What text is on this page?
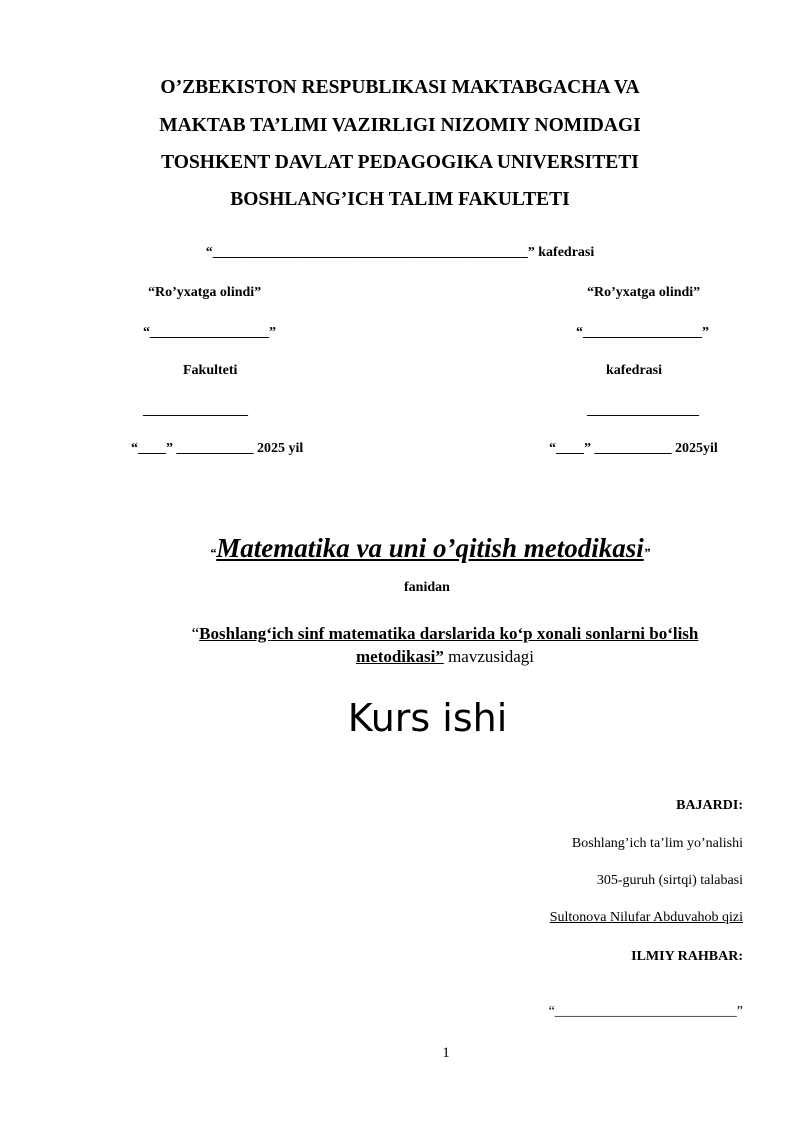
O’ZBEKISTON RESPUBLIKASI MAKTABGACHA VA
MAKTAB TA’LIMI VAZIRLIGI NIZOMIY NOMIDAGI
TOSHKENT DAVLAT PEDAGOGIKA UNIVERSITETI
BOSHLANG’ICH TALIM FAKULTETI
“_____________________________________________” kafedrasi
“Ro’yxatga olindi”
“_________________”
Fakulteti
_______________
“____” ___________ 2025 yil
“Ro’yxatga olindi”
“_________________”
kafedrasi
________________
“____” ___________ 2025yil
“Matematika va uni o’qitish metodikasi”
fanidan
“Boshlang‘ich sinf matematika darslarida ko‘p xonali sonlarni bo‘lish
metodikasi” mavzusidagi
Kurs ishi
BAJARDI:
Boshlang’ich ta’lim yo’nalishi
305-guruh (sirtqi) talabasi
Sultonova Nilufar Abduvahob qizi
ILMIY RAHBAR:
“__________________________”
1
